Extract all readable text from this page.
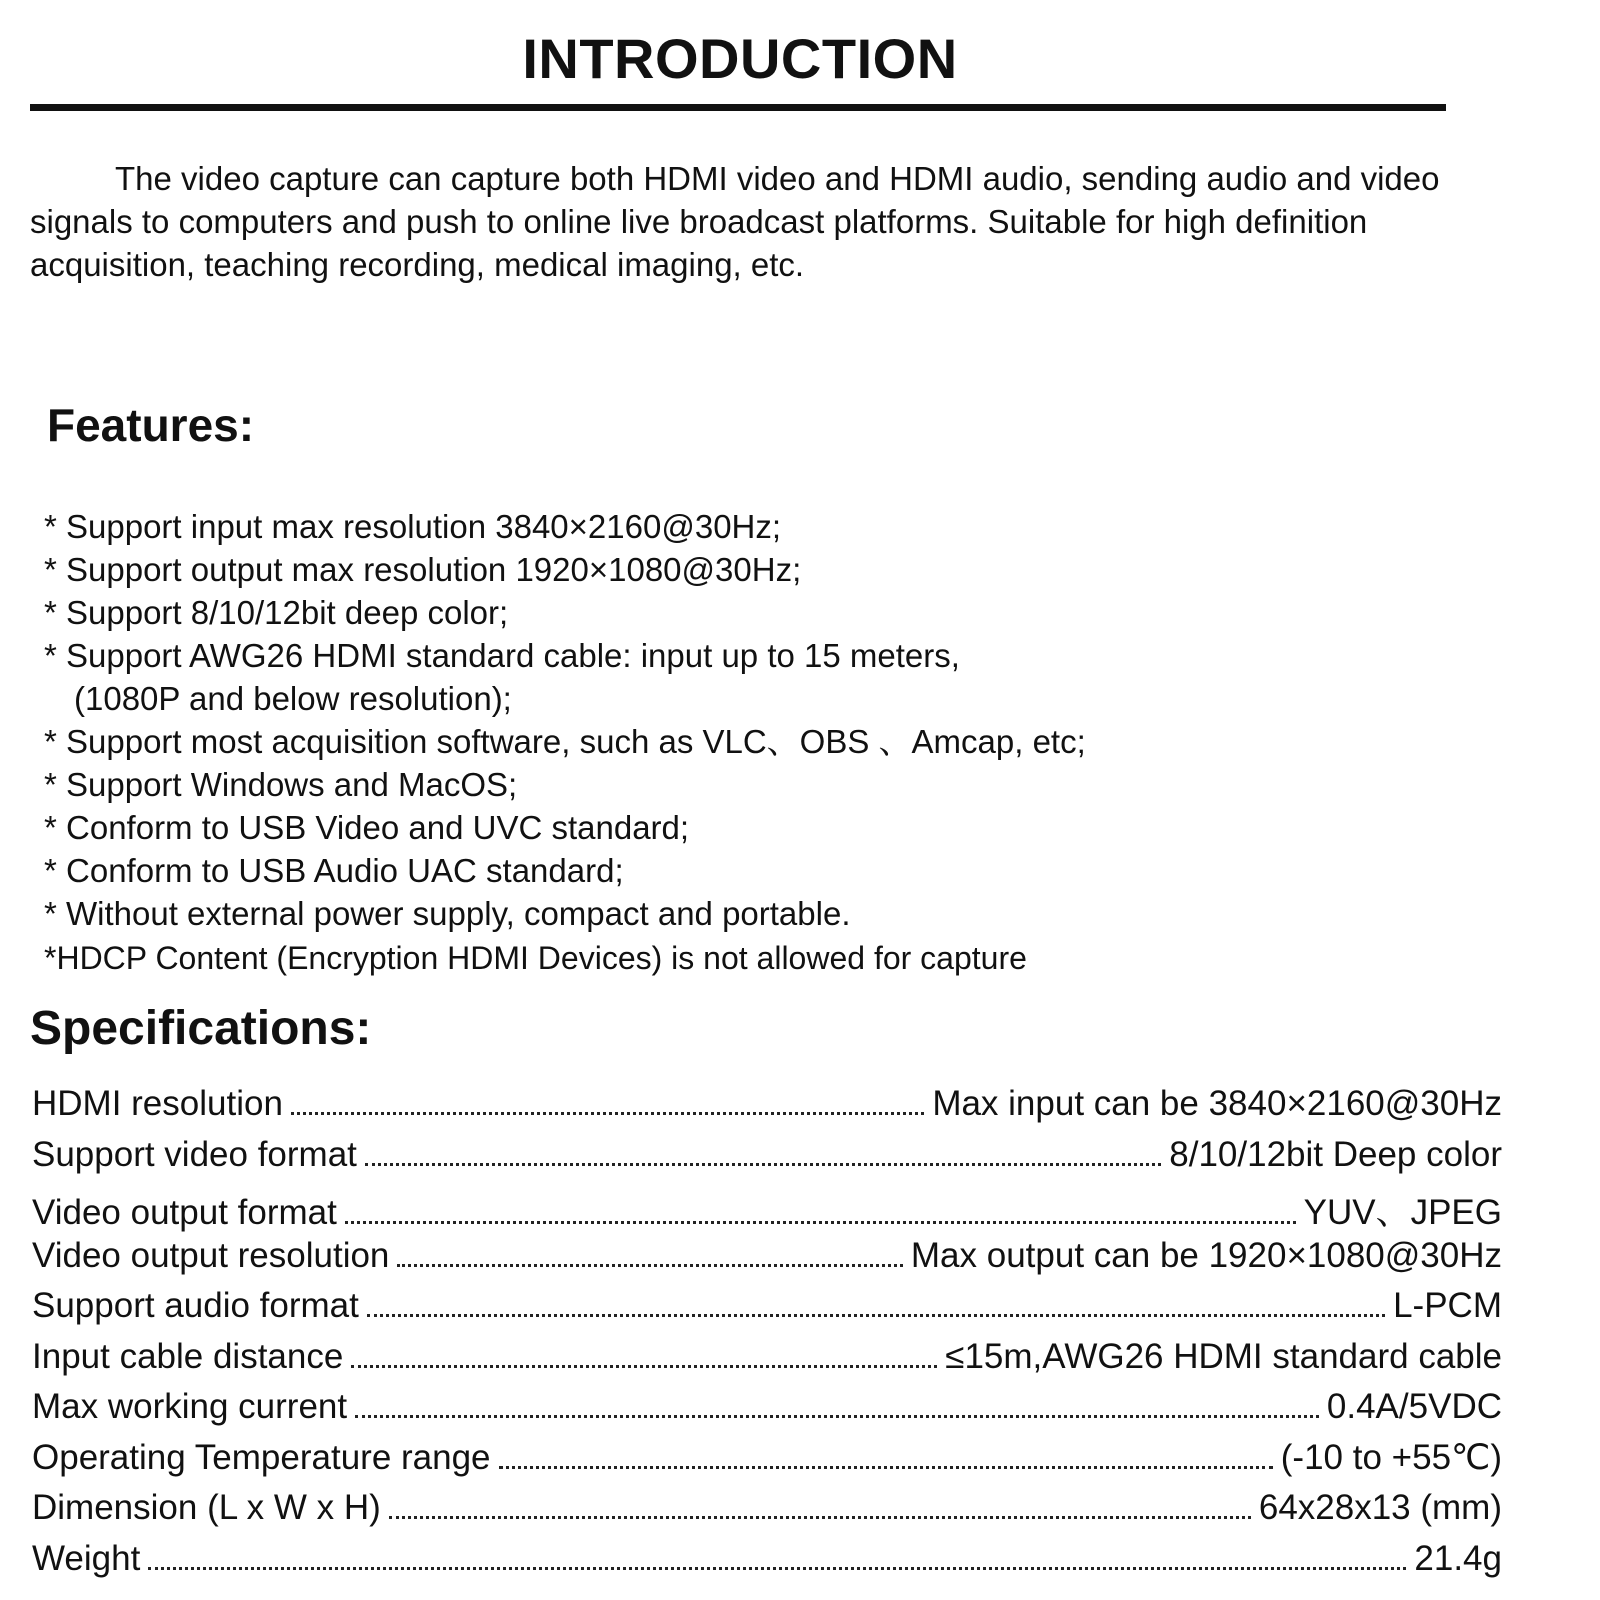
INTRODUCTION

The video capture can capture both HDMI video and HDMI audio, sending audio and video signals to computers and push to online live broadcast platforms. Suitable for high definition acquisition, teaching recording, medical imaging, etc.

Features:
* Support input max resolution 3840×2160@30Hz;
* Support output max resolution 1920×1080@30Hz;
* Support 8/10/12bit deep color;
* Support AWG26 HDMI standard cable: input up to 15 meters,
(1080P and below resolution);
* Support most acquisition software, such as VLC、OBS 、Amcap, etc;
* Support Windows and MacOS;
* Conform to USB Video and UVC standard;
* Conform to USB Audio UAC standard;
* Without external power supply, compact and portable.

*HDCP Content (Encryption HDMI Devices) is not allowed for capture

Specifications:
HDMI resolution	Max input can be 3840×2160@30Hz
Support video format	8/10/12bit Deep color
Video output format	YUV、JPEG
Video output resolution	Max output can be 1920×1080@30Hz
Support audio format	L-PCM
Input cable distance	≤15m,AWG26 HDMI standard cable
Max working current	0.4A/5VDC
Operating Temperature range	(-10 to +55℃)
Dimension (L x W x H)	64x28x13 (mm)
Weight	21.4g
